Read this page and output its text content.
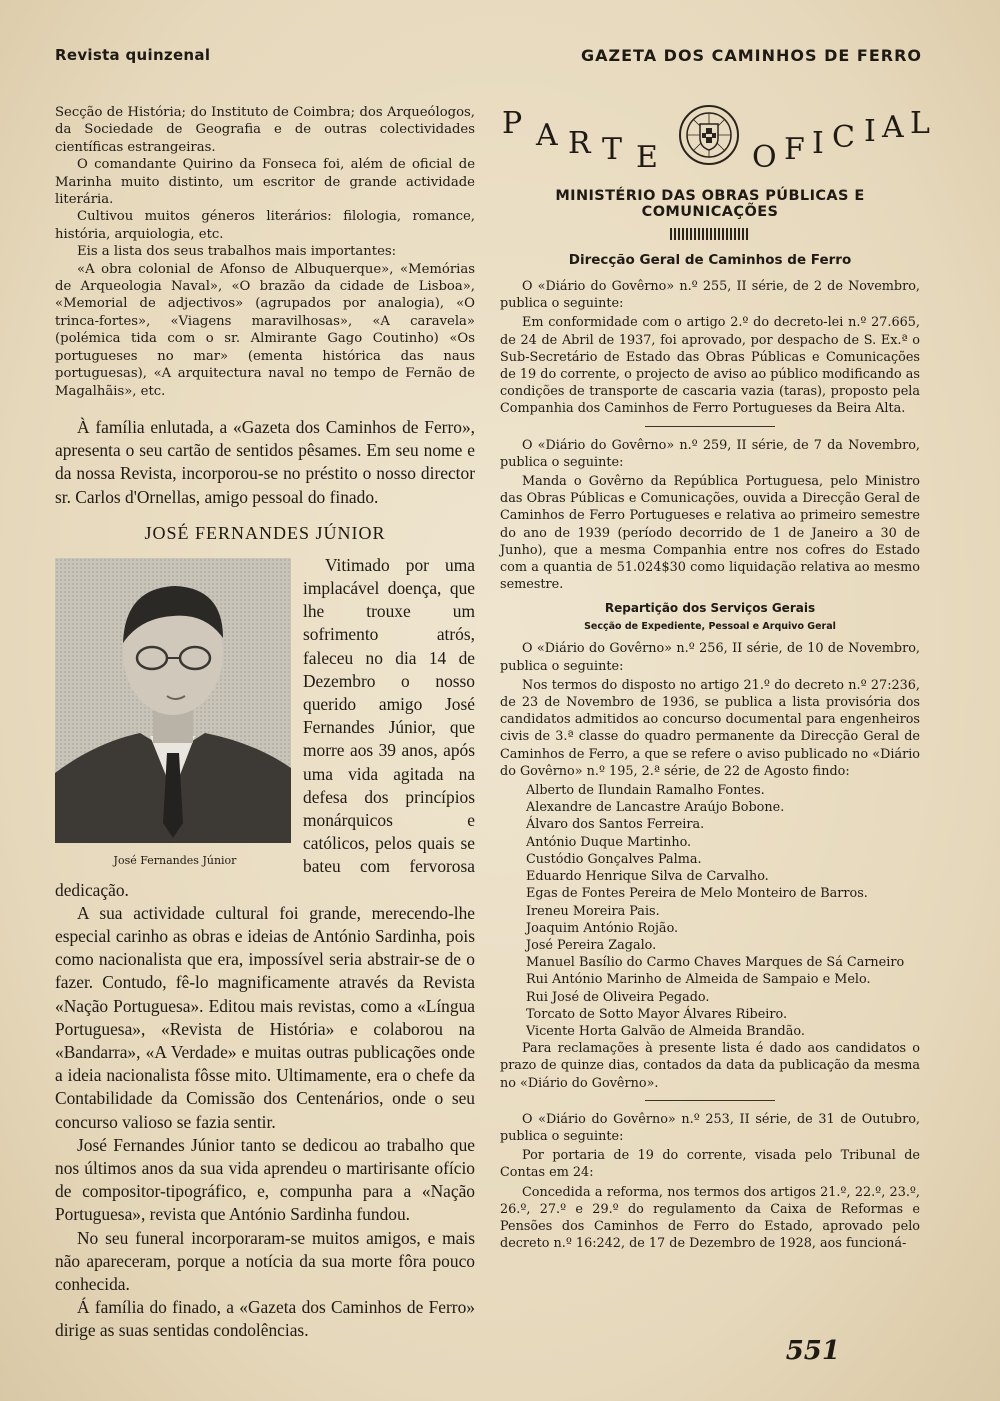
Revista quinzenal	GAZETA DOS CAMINHOS DE FERRO

Secção de História; do Instituto de Coimbra; dos Arqueólogos, da Sociedade de Geografia e de outras colectividades científicas estrangeiras.

O comandante Quirino da Fonseca foi, além de oficial de Marinha muito distinto, um escritor de grande actividade literária.

Cultivou muitos géneros literários: filologia, romance, história, arquiologia, etc.

Eis a lista dos seus trabalhos mais importantes:

«A obra colonial de Afonso de Albuquerque», «Memórias de Arqueologia Naval», «O brazão da cidade de Lisboa», «Memorial de adjectivos» (agrupados por analogia), «O trinca-fortes», «Viagens maravilhosas», «A caravela» (polémica tida com o sr. Almirante Gago Coutinho) «Os portugueses no mar» (ementa histórica das naus portuguesas), «A arquitectura naval no tempo de Fernão de Magalhãis», etc.

À família enlutada, a «Gazeta dos Caminhos de Ferro», apresenta o seu cartão de sentidos pêsames. Em seu nome e da nossa Revista, incorporou-se no préstito o nosso director sr. Carlos d'Ornellas, amigo pessoal do finado.

JOSÉ FERNANDES JÚNIOR
José Fernandes Júnior

Vitimado por uma implacável doença, que lhe trouxe um sofrimento atrós, faleceu no dia 14 de Dezembro o nosso querido amigo José Fernandes Júnior, que morre aos 39 anos, após uma vida agitada na defesa dos princípios monárquicos e católicos, pelos quais se bateu com fervorosa dedicação.

A sua actividade cultural foi grande, merecendo-lhe especial carinho as obras e ideias de António Sardinha, pois como nacionalista que era, impossível seria abstrair-se de o fazer. Contudo, fê-lo magnificamente através da Revista «Nação Portuguesa». Editou mais revistas, como a «Língua Portuguesa», «Revista de História» e colaborou na «Bandarra», «A Verdade» e muitas outras publicações onde a ideia nacionalista fôsse mito. Ultimamente, era o chefe da Contabilidade da Comissão dos Centenários, onde o seu concurso valioso se fazia sentir.

José Fernandes Júnior tanto se dedicou ao trabalho que nos últimos anos da sua vida aprendeu o martirisante ofício de compositor-tipográfico, e, compunha para a «Nação Portuguesa», revista que António Sardinha fundou.

No seu funeral incorporaram-se muitos amigos, e mais não apareceram, porque a notícia da sua morte fôra pouco conhecida.

Á família do finado, a «Gazeta dos Caminhos de Ferro» dirige as suas sentidas condolências.

P A R T E	O F I C I A L
MINISTÉRIO DAS OBRAS PÚBLICAS E COMUNICAÇÕES
Direcção Geral de Caminhos de Ferro

O «Diário do Govêrno» n.º 255, II série, de 2 de Novembro, publica o seguinte:

Em conformidade com o artigo 2.º do decreto-lei n.º 27.665, de 24 de Abril de 1937, foi aprovado, por despacho de S. Ex.ª o Sub-Secretário de Estado das Obras Públicas e Comunicações de 19 do corrente, o projecto de aviso ao público modificando as condições de transporte de cascaria vazia (taras), proposto pela Companhia dos Caminhos de Ferro Portugueses da Beira Alta.

O «Diário do Govêrno» n.º 259, II série, de 7 da Novembro, publica o seguinte:

Manda o Govêrno da República Portuguesa, pelo Ministro das Obras Públicas e Comunicações, ouvida a Direcção Geral de Caminhos de Ferro Portugueses e relativa ao primeiro semestre do ano de 1939 (período decorrido de 1 de Janeiro a 30 de Junho), que a mesma Companhia entre nos cofres do Estado com a quantia de 51.024$30 como liquidação relativa ao mesmo semestre.

Repartição dos Serviços Gerais
Secção de Expediente, Pessoal e Arquivo Geral

O «Diário do Govêrno» n.º 256, II série, de 10 de Novembro, publica o seguinte:

Nos termos do disposto no artigo 21.º do decreto n.º 27:236, de 23 de Novembro de 1936, se publica a lista provisória dos candidatos admitidos ao concurso documental para engenheiros civis de 3.ª classe do quadro permanente da Direcção Geral de Caminhos de Ferro, a que se refere o aviso publicado no «Diário do Govêrno» n.º 195, 2.ª série, de 22 de Agosto findo:

Alberto de Ilundain Ramalho Fontes.
Alexandre de Lancastre Araújo Bobone.
Álvaro dos Santos Ferreira.
António Duque Martinho.
Custódio Gonçalves Palma.
Eduardo Henrique Silva de Carvalho.
Egas de Fontes Pereira de Melo Monteiro de Barros.
Ireneu Moreira Pais.
Joaquim António Rojão.
José Pereira Zagalo.
Manuel Basílio do Carmo Chaves Marques de Sá Carneiro
Rui António Marinho de Almeida de Sampaio e Melo.
Rui José de Oliveira Pegado.
Torcato de Sotto Mayor Álvares Ribeiro.
Vicente Horta Galvão de Almeida Brandão.

Para reclamações à presente lista é dado aos candidatos o prazo de quinze dias, contados da data da publicação da mesma no «Diário do Govêrno».

O «Diário do Govêrno» n.º 253, II série, de 31 de Outubro, publica o seguinte:

Por portaria de 19 do corrente, visada pelo Tribunal de Contas em 24:

Concedida a reforma, nos termos dos artigos 21.º, 22.º, 23.º, 26.º, 27.º e 29.º do regulamento da Caixa de Reformas e Pensões dos Caminhos de Ferro do Estado, aprovado pelo decreto n.º 16:242, de 17 de Dezembro de 1928, aos funcioná-

551
